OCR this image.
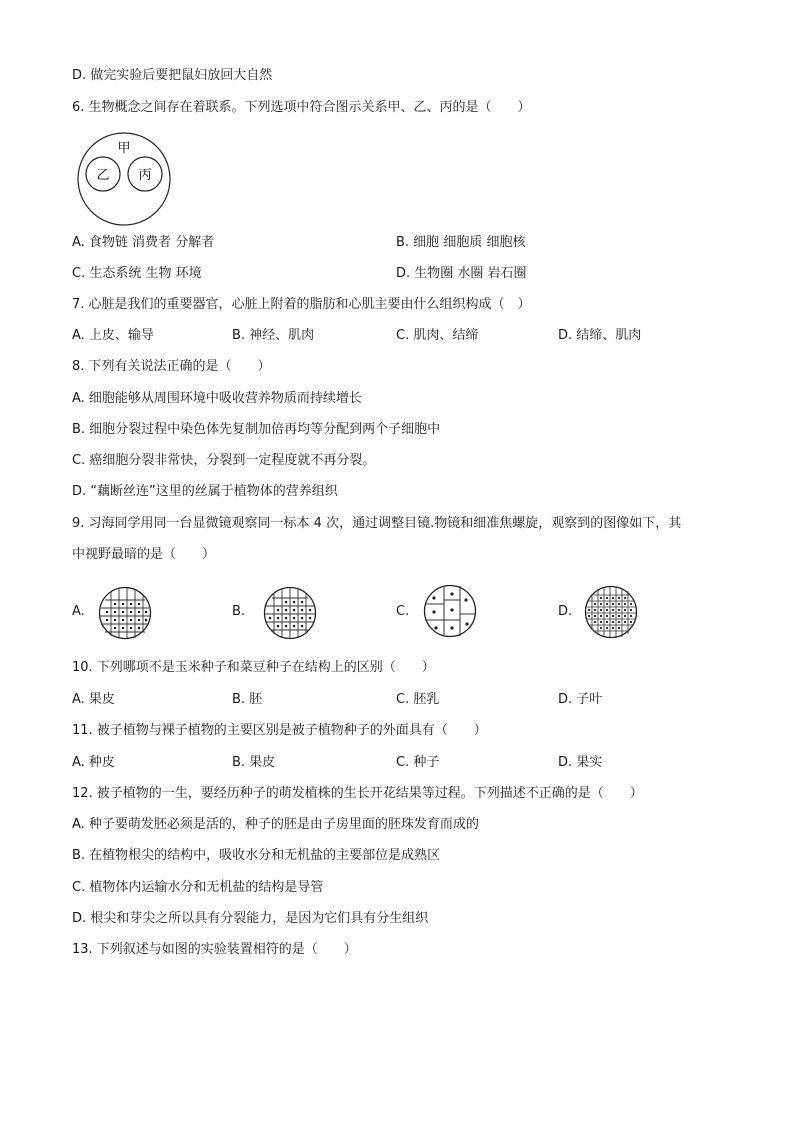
D. 做完实验后要把鼠妇放回大自然
6. 生物概念之间存在着联系。下列选项中符合图示关系甲、乙、丙的是（　　）
甲
乙 丙
A. 食物链 消费者 分解者	B. 细胞 细胞质 细胞核
C. 生态系统 生物 环境	D. 生物圈 水圈 岩石圈
7. 心脏是我们的重要器官，心脏上附着的脂肪和心肌主要由什么组织构成（　）
A. 上皮、输导	B. 神经、肌肉	C. 肌肉、结缔	D. 结缔、肌肉
8. 下列有关说法正确的是（　　）
A. 细胞能够从周围环境中吸收营养物质而持续增长
B. 细胞分裂过程中染色体先复制加倍再均等分配到两个子细胞中
C. 癌细胞分裂非常快，分裂到一定程度就不再分裂。
D. “藕断丝连”这里的丝属于植物体的营养组织
9. 习海同学用同一台显微镜观察同一标本 4 次，通过调整目镜.物镜和细准焦螺旋，观察到的图像如下，其
中视野最暗的是（　　）
A.	B.	C.	D.
10. 下列哪项不是玉米种子和菜豆种子在结构上的区别（　　）
A. 果皮	B. 胚	C. 胚乳	D. 子叶
11. 被子植物与裸子植物的主要区别是被子植物种子的外面具有（　　）
A. 种皮	B. 果皮	C. 种子	D. 果实
12. 被子植物的一生，要经历种子的萌发植株的生长开花结果等过程。下列描述不正确的是（　　）
A. 种子要萌发胚必须是活的，种子的胚是由子房里面的胚珠发育而成的
B. 在植物根尖的结构中，吸收水分和无机盐的主要部位是成熟区
C. 植物体内运输水分和无机盐的结构是导管
D. 根尖和芽尖之所以具有分裂能力，是因为它们具有分生组织
13. 下列叙述与如图的实验装置相符的是（　　）
